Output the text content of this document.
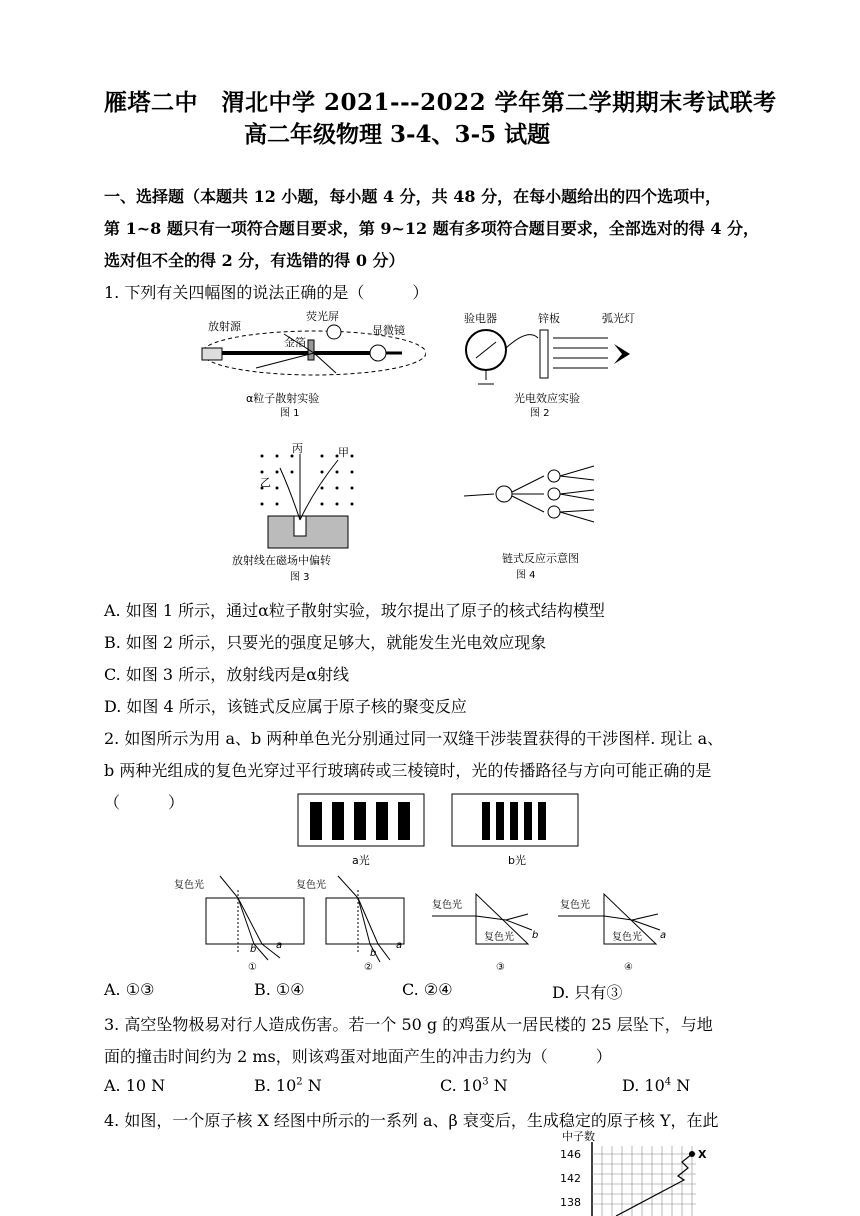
雁塔二中　渭北中学 2021---2022 学年第二学期期末考试联考
高二年级物理 3-4、3-5 试题
一、选择题（本题共 12 小题，每小题 4 分，共 48 分，在每小题给出的四个选项中，
第 1~8 题只有一项符合题目要求，第 9~12 题有多项符合题目要求，全部选对的得 4 分，
选对但不全的得 2 分，有选错的得 0 分）
1. 下列有关四幅图的说法正确的是（　　　）
放射源
荧光屏
金箔
显微镜
α粒子散射实验
图 1
验电器	锌板	弧光灯
光电效应实验
图 2
乙
丙	甲
放射线在磁场中偏转
图 3
链式反应示意图
图 4
A. 如图 1 所示，通过α粒子散射实验，玻尔提出了原子的核式结构模型
B. 如图 2 所示，只要光的强度足够大，就能发生光电效应现象
C. 如图 3 所示，放射线丙是α射线
D. 如图 4 所示，该链式反应属于原子核的聚变反应
2. 如图所示为用 a、b 两种单色光分别通过同一双缝干涉装置获得的干涉图样. 现让 a、
b 两种光组成的复色光穿过平行玻璃砖或三棱镜时，光的传播路径与方向可能正确的是
（　　　）
a光	b光
复色光
b a
①
复色光
b
a
②
复色光
复色光 b
③
复色光
复色光 a
④
A. ①③	B. ①④	C. ②④	D. 只有③
3. 高空坠物极易对行人造成伤害。若一个 50 g 的鸡蛋从一居民楼的 25 层坠下，与地
面的撞击时间约为 2 ms，则该鸡蛋对地面产生的冲击力约为（　　　）
A. 10 N	B. $10^2$ N	C. $10^3$ N	D. $10^4$ N
4. 如图，一个原子核 X 经图中所示的一系列 a、β 衰变后，生成稳定的原子核 Y，在此
中子数
146
142
138
X
